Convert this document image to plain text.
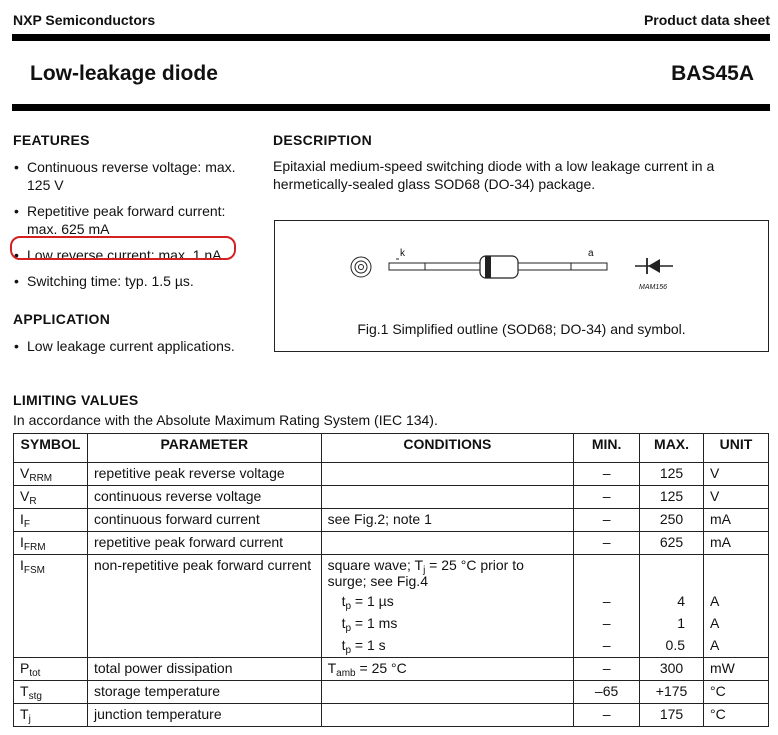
NXP Semiconductors	Product data sheet
Low-leakage diode	BAS45A
FEATURES
• Continuous reverse voltage: max. 125 V
• Repetitive peak forward current: max. 625 mA
• Low reverse current: max. 1 nA
• Switching time: typ. 1.5 µs.
APPLICATION
• Low leakage current applications.
DESCRIPTION
Epitaxial medium-speed switching diode with a low leakage current in a hermetically-sealed glass SOD68 (DO-34) package.
k	a
MAM156
Fig.1 Simplified outline (SOD68; DO-34) and symbol.
LIMITING VALUES
In accordance with the Absolute Maximum Rating System (IEC 134).
SYMBOL	PARAMETER	CONDITIONS	MIN.	MAX.	UNIT
$V_{RRM}$	repetitive peak reverse voltage		–	125	V
$V_R$	continuous reverse voltage		–	125	V
$I_F$	continuous forward current	see Fig.2; note 1	–	250	mA
$I_{FRM}$	repetitive peak forward current		–	625	mA
$I_{FSM}$	non-repetitive peak forward current	square wave; $T_j = 25$ °C prior to
surge; see Fig.4			
		$t_p = 1$ µs	–	4	A
		$t_p = 1$ ms	–	1	A
		$t_p = 1$ s	–	0.5	A
$P_{tot}$	total power dissipation	$T_{amb} = 25$ °C	–	300	mW
$T_{stg}$	storage temperature		–65	+175	°C
$T_j$	junction temperature		–	175	°C
